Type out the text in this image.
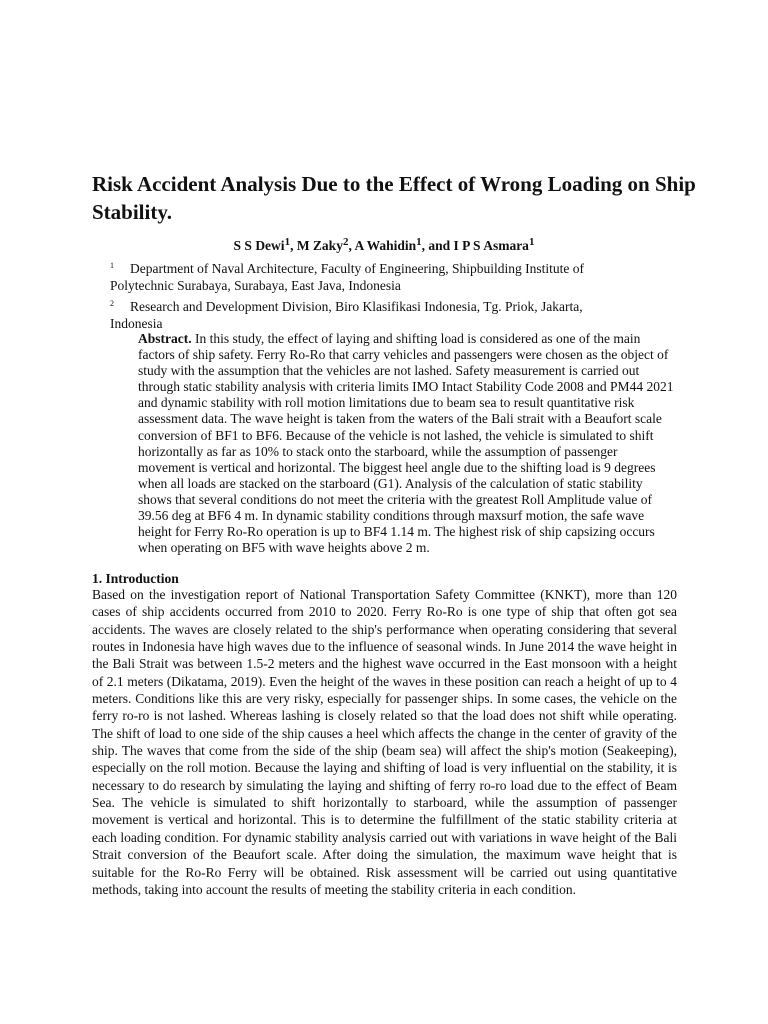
Risk Accident Analysis Due to the Effect of Wrong Loading on Ship Stability.
S S Dewi$^1$, M Zaky$^2$, A Wahidin$^1$, and I P S Asmara$^1$
1 Department of Naval Architecture, Faculty of Engineering, Shipbuilding Institute of Polytechnic Surabaya, Surabaya, East Java, Indonesia
2 Research and Development Division, Biro Klasifikasi Indonesia, Tg. Priok, Jakarta, Indonesia

Abstract. In this study, the effect of laying and shifting load is considered as one of the main factors of ship safety. Ferry Ro-Ro that carry vehicles and passengers were chosen as the object of study with the assumption that the vehicles are not lashed. Safety measurement is carried out through static stability analysis with criteria limits IMO Intact Stability Code 2008 and PM44 2021 and dynamic stability with roll motion limitations due to beam sea to result quantitative risk assessment data. The wave height is taken from the waters of the Bali strait with a Beaufort scale conversion of BF1 to BF6. Because of the vehicle is not lashed, the vehicle is simulated to shift horizontally as far as 10% to stack onto the starboard, while the assumption of passenger movement is vertical and horizontal. The biggest heel angle due to the shifting load is 9 degrees when all loads are stacked on the starboard (G1). Analysis of the calculation of static stability shows that several conditions do not meet the criteria with the greatest Roll Amplitude value of 39.56 deg at BF6 4 m. In dynamic stability conditions through maxsurf motion, the safe wave height for Ferry Ro-Ro operation is up to BF4 1.14 m. The highest risk of ship capsizing occurs when operating on BF5 with wave heights above 2 m.

1. Introduction

Based on the investigation report of National Transportation Safety Committee (KNKT), more than 120 cases of ship accidents occurred from 2010 to 2020. Ferry Ro-Ro is one type of ship that often got sea accidents. The waves are closely related to the ship's performance when operating considering that several routes in Indonesia have high waves due to the influence of seasonal winds. In June 2014 the wave height in the Bali Strait was between 1.5-2 meters and the highest wave occurred in the East monsoon with a height of 2.1 meters (Dikatama, 2019). Even the height of the waves in these position can reach a height of up to 4 meters. Conditions like this are very risky, especially for passenger ships. In some cases, the vehicle on the ferry ro-ro is not lashed. Whereas lashing is closely related so that the load does not shift while operating. The shift of load to one side of the ship causes a heel which affects the change in the center of gravity of the ship. The waves that come from the side of the ship (beam sea) will affect the ship's motion (Seakeeping), especially on the roll motion. Because the laying and shifting of load is very influential on the stability, it is necessary to do research by simulating the laying and shifting of ferry ro-ro load due to the effect of Beam Sea. The vehicle is simulated to shift horizontally to starboard, while the assumption of passenger movement is vertical and horizontal. This is to determine the fulfillment of the static stability criteria at each loading condition. For dynamic stability analysis carried out with variations in wave height of the Bali Strait conversion of the Beaufort scale. After doing the simulation, the maximum wave height that is suitable for the Ro-Ro Ferry will be obtained. Risk assessment will be carried out using quantitative methods, taking into account the results of meeting the stability criteria in each condition.
